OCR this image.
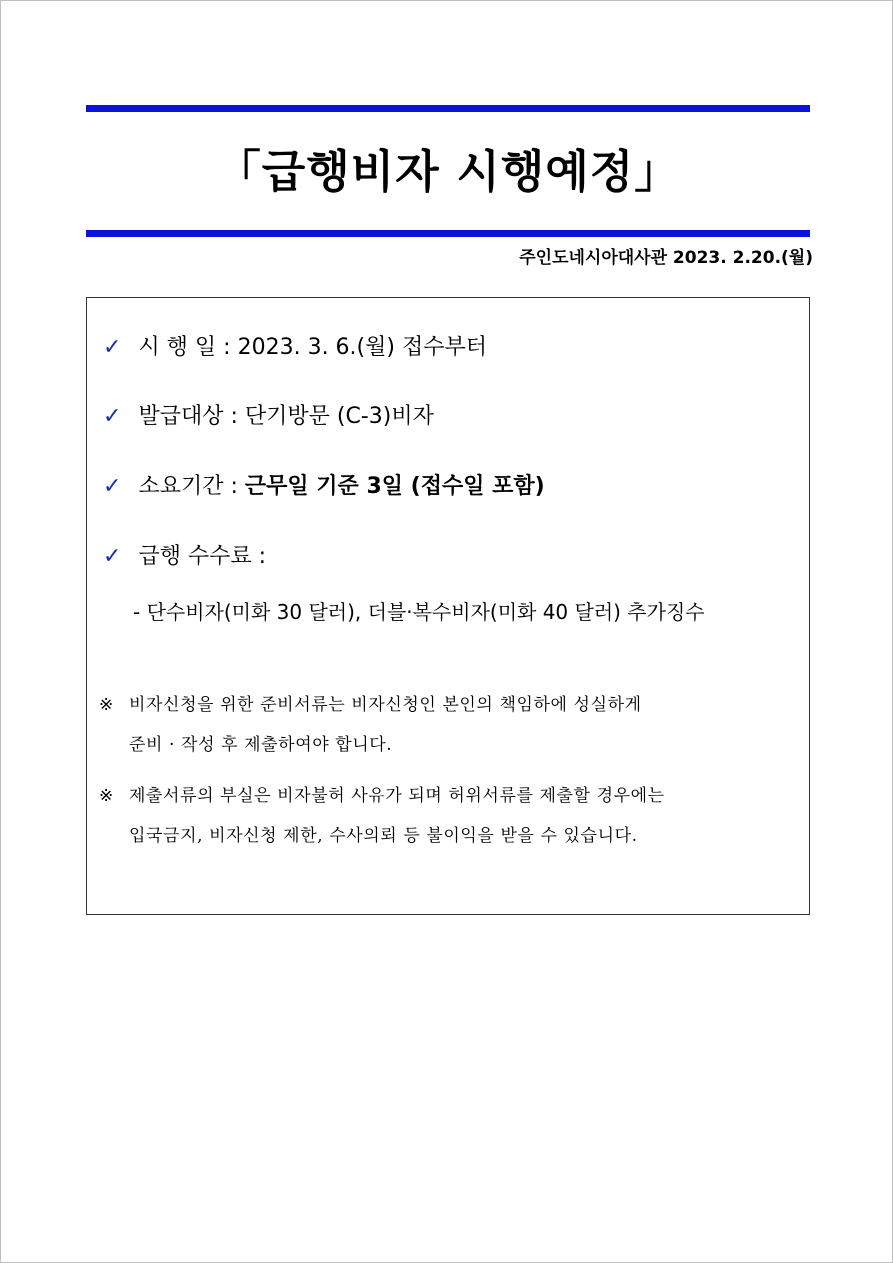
「급행비자 시행예정」
주인도네시아대사관 2023. 2.20.(월)
✓ 시 행 일 : 2023. 3. 6.(월) 접수부터
✓ 발급대상 : 단기방문 (C-3)비자
✓ 소요기간 : 근무일 기준 3일 (접수일 포함)
✓ 급행 수수료 :
- 단수비자(미화 30 달러), 더블·복수비자(미화 40 달러) 추가징수
※ 비자신청을 위한 준비서류는 비자신청인 본인의 책임하에 성실하게
준비 · 작성 후 제출하여야 합니다.
※ 제출서류의 부실은 비자불허 사유가 되며 허위서류를 제출할 경우에는
입국금지, 비자신청 제한, 수사의뢰 등 불이익을 받을 수 있습니다.
